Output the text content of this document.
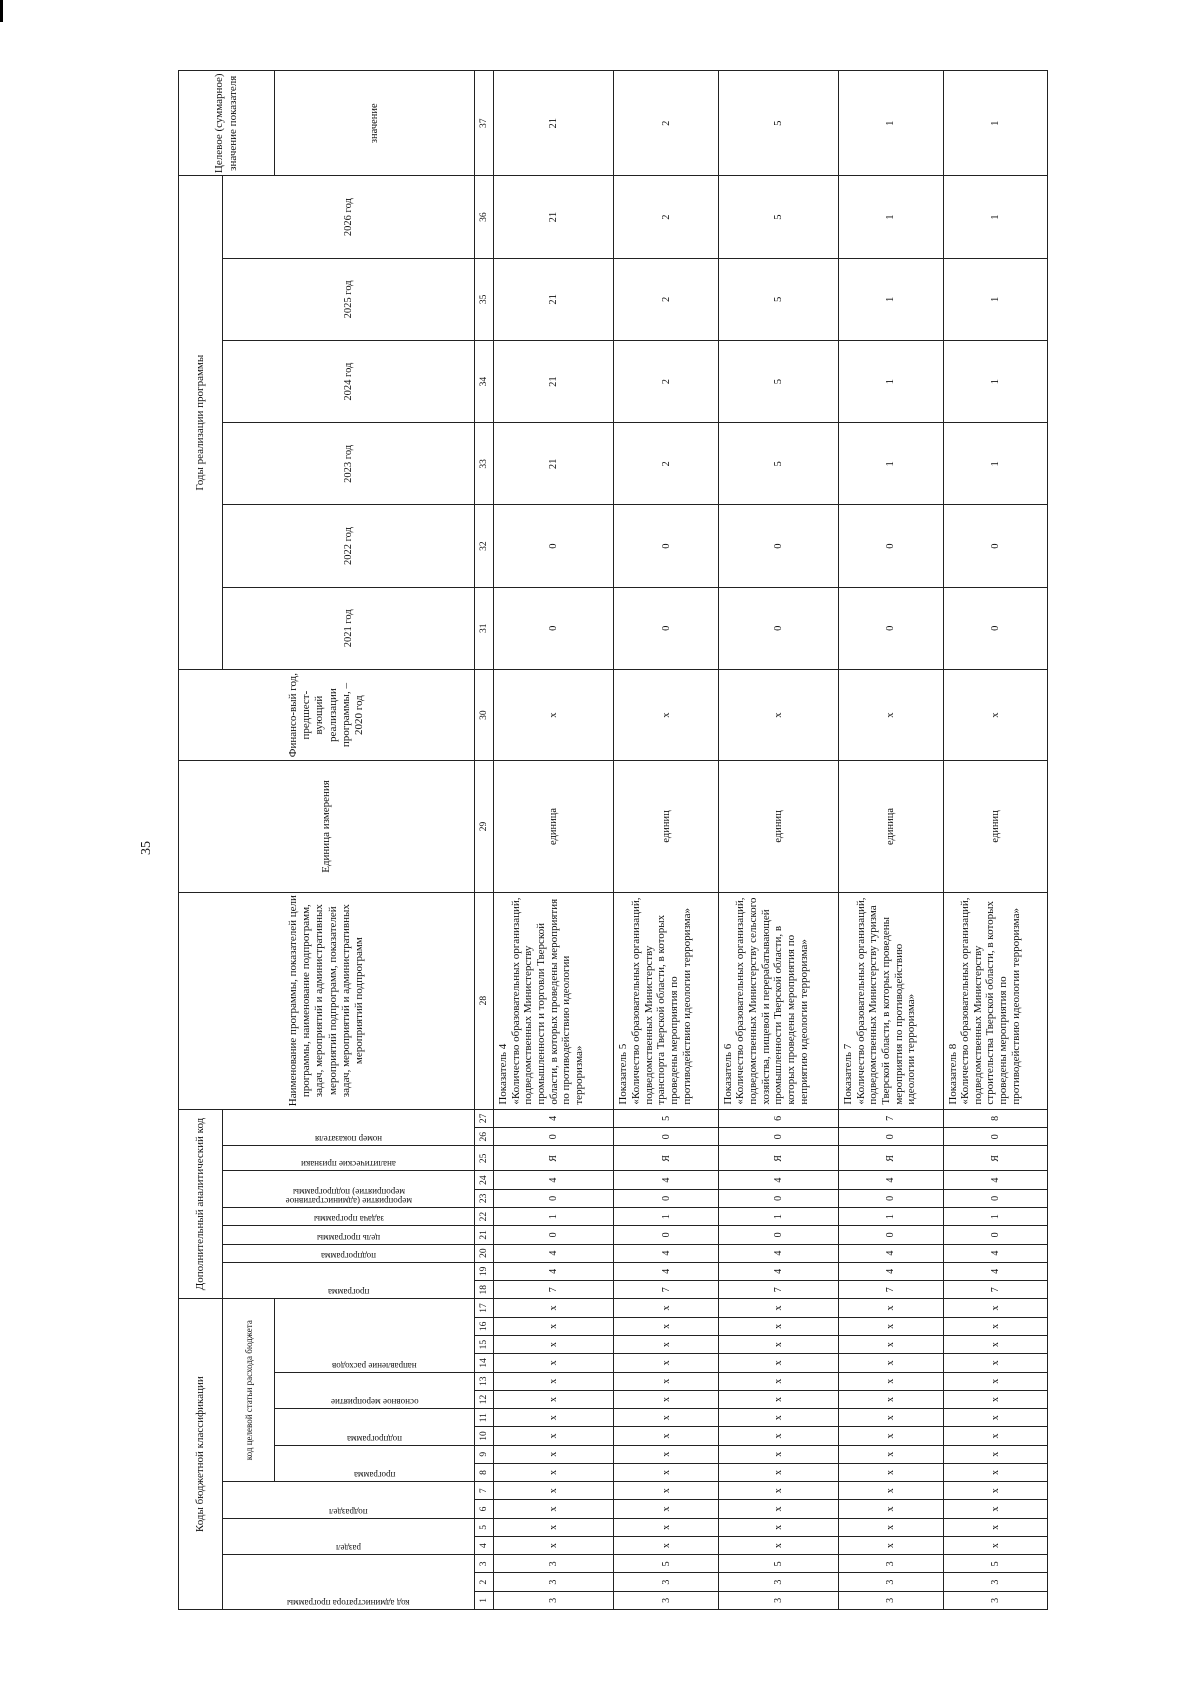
35
Коды бюджетной классификации																	Дополнительный аналитический код										Наименование программы, показателей цели программы, наименование подпрограмм, задач, мероприятий и административных мероприятий подпрограмм, показателей задач, мероприятий и административных мероприятий подпрограмм	Единица измерения	Финансо-вый год, предшест-вующий реализации программы, – 2020 год	Годы реализации программы						Целевое (суммарное) значение показателя

код администратора программы			раздел		подраздел		код целевой статьи расхода бюджета										программа		подпрограмма	цель программы	задача программы	мероприятие (административное мероприятие) подпрограммы		аналитические признаки	номер показателя					2021 год	2022 год	2023 год	2024 год	2025 год	2026 год	

							программа		подпрограмма		основное мероприятие		направление расходов																							значение
1	2	3	4	5	6	7	8	9	10	11	12	13	14	15	16	17	18	19	20	21	22	23	24	25	26	27	28	29	30	31	32	33	34	35	36	37
3	3	3	х	х	х	х	х	х	х	х	х	х	х	х	х	х	7	4	4	0	1	0	4	Я	0	4	Показатель 4 «Количество образовательных организаций, подведомственных Министерству промышленности и торговли Тверской области, в которых проведены мероприятия по противодействию идеологии терроризма»	единица	х	0	0	21	21	21	21	21
3	3	5	х	х	х	х	х	х	х	х	х	х	х	х	х	х	7	4	4	0	1	0	4	Я	0	5	Показатель 5 «Количество образовательных организаций, подведомственных Министерству транспорта Тверской области, в которых проведены мероприятия по противодействию идеологии терроризма»	единиц	х	0	0	2	2	2	2	2
3	3	5	х	х	х	х	х	х	х	х	х	х	х	х	х	х	7	4	4	0	1	0	4	Я	0	6	Показатель 6 «Количество образовательных организаций, подведомственных Министерству сельского хозяйства, пищевой и перерабатывающей промышленности Тверской области, в которых проведены мероприятия по неприятию идеологии терроризма»	единиц	х	0	0	5	5	5	5	5
3	3	3	х	х	х	х	х	х	х	х	х	х	х	х	х	х	7	4	4	0	1	0	4	Я	0	7	Показатель 7 «Количество образовательных организаций, подведомственных Министерству туризма Тверской области, в которых проведены мероприятия по противодействию идеологии терроризма»	единица	х	0	0	1	1	1	1	1
3	3	5	х	х	х	х	х	х	х	х	х	х	х	х	х	х	7	4	4	0	1	0	4	Я	0	8	Показатель 8 «Количество образовательных организаций, подведомственных Министерству строительства Тверской области, в которых проведены мероприятия по противодействию идеологии терроризма»	единиц	х	0	0	1	1	1	1	1
